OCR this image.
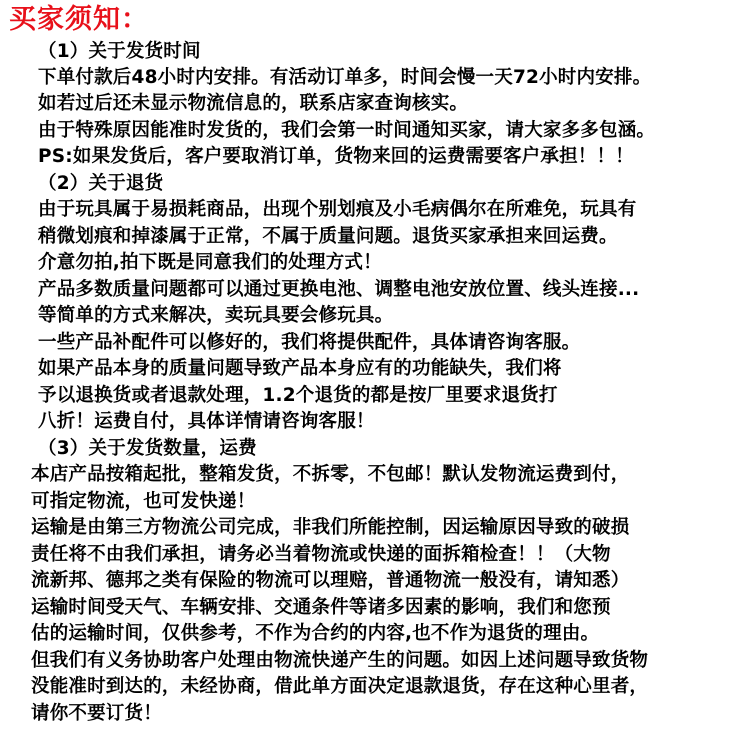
买家须知：
（1）关于发货时间
下单付款后48小时内安排。有活动订单多，时间会慢一天72小时内安排。
如若过后还未显示物流信息的，联系店家查询核实。
由于特殊原因能准时发货的，我们会第一时间通知买家，请大家多多包涵。
PS:如果发货后，客户要取消订单，货物来回的运费需要客户承担！！！
（2）关于退货
由于玩具属于易损耗商品，出现个别划痕及小毛病偶尔在所难免，玩具有
稍微划痕和掉漆属于正常，不属于质量问题。退货买家承担来回运费。
介意勿拍,拍下既是同意我们的处理方式！
产品多数质量问题都可以通过更换电池、调整电池安放位置、线头连接...
等简单的方式来解决，卖玩具要会修玩具。
一些产品补配件可以修好的，我们将提供配件，具体请咨询客服。
如果产品本身的质量问题导致产品本身应有的功能缺失，我们将
予以退换货或者退款处理，1.2个退货的都是按厂里要求退货打
八折！运费自付，具体详情请咨询客服！
（3）关于发货数量，运费
本店产品按箱起批，整箱发货，不拆零，不包邮！默认发物流运费到付，
可指定物流，也可发快递！
运输是由第三方物流公司完成，非我们所能控制，因运输原因导致的破损
责任将不由我们承担，请务必当着物流或快递的面拆箱检查！！（大物
流新邦、德邦之类有保险的物流可以理赔，普通物流一般没有，请知悉）
运输时间受天气、车辆安排、交通条件等诸多因素的影响，我们和您预
估的运输时间，仅供参考，不作为合约的内容,也不作为退货的理由。
但我们有义务协助客户处理由物流快递产生的问题。如因上述问题导致货物
没能准时到达的，未经协商，借此单方面决定退款退货，存在这种心里者，
请你不要订货！
